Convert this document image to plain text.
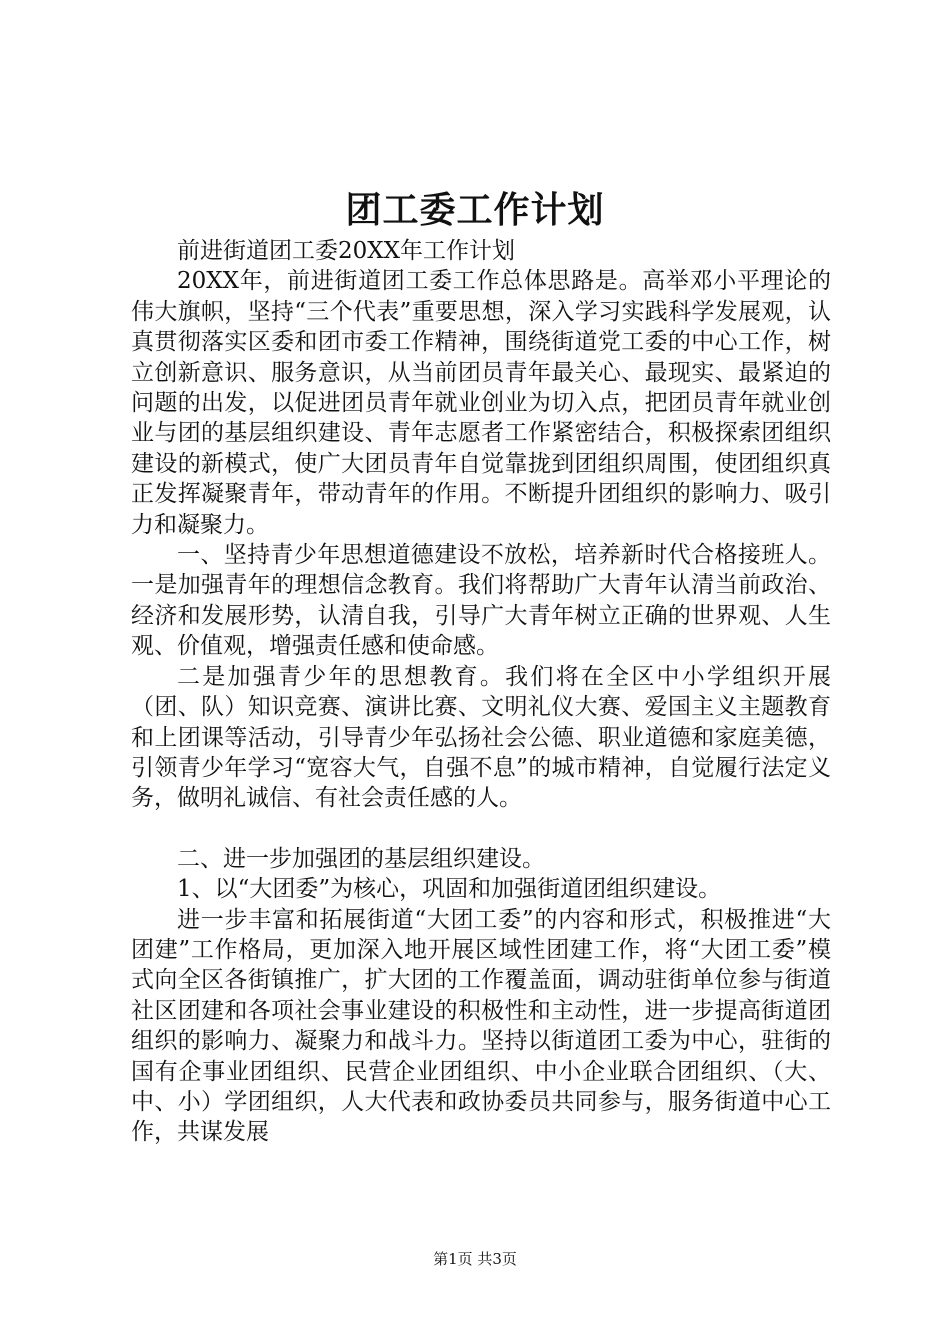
团工委工作计划

前进街道团工委20XX年工作计划

20XX年，前进街道团工委工作总体思路是。高举邓小平理论的伟大旗帜，坚持“三个代表”重要思想，深入学习实践科学发展观，认真贯彻落实区委和团市委工作精神，围绕街道党工委的中心工作，树立创新意识、服务意识，从当前团员青年最关心、最现实、最紧迫的问题的出发，以促进团员青年就业创业为切入点，把团员青年就业创业与团的基层组织建设、青年志愿者工作紧密结合，积极探索团组织建设的新模式，使广大团员青年自觉靠拢到团组织周围，使团组织真正发挥凝聚青年，带动青年的作用。不断提升团组织的影响力、吸引力和凝聚力。

一、坚持青少年思想道德建设不放松，培养新时代合格接班人。一是加强青年的理想信念教育。我们将帮助广大青年认清当前政治、经济和发展形势，认清自我，引导广大青年树立正确的世界观、人生观、价值观，增强责任感和使命感。

二是加强青少年的思想教育。我们将在全区中小学组织开展（团、队）知识竞赛、演讲比赛、文明礼仪大赛、爱国主义主题教育和上团课等活动，引导青少年弘扬社会公德、职业道德和家庭美德，引领青少年学习“宽容大气，自强不息”的城市精神，自觉履行法定义务，做明礼诚信、有社会责任感的人。

二、进一步加强团的基层组织建设。

1、以“大团委”为核心，巩固和加强街道团组织建设。

进一步丰富和拓展街道“大团工委”的内容和形式，积极推进“大团建”工作格局，更加深入地开展区域性团建工作，将“大团工委”模式向全区各街镇推广，扩大团的工作覆盖面，调动驻街单位参与街道社区团建和各项社会事业建设的积极性和主动性，进一步提高街道团组织的影响力、凝聚力和战斗力。坚持以街道团工委为中心，驻街的国有企事业团组织、民营企业团组织、中小企业联合团组织、（大、中、小）学团组织，人大代表和政协委员共同参与，服务街道中心工作，共谋发展

第1页 共3页
